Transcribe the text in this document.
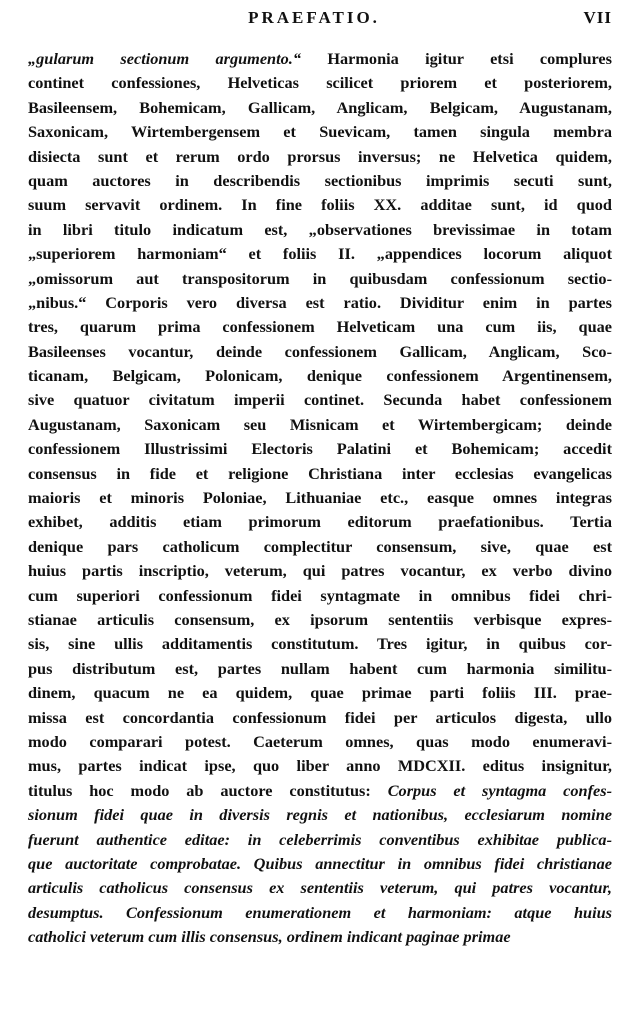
PRAEFATIO.	VII
„gularum sectionum argumento.“ Harmonia igitur etsi complures
continet confessiones, Helveticas scilicet priorem et posteriorem,
Basileensem, Bohemicam, Gallicam, Anglicam, Belgicam, Augustanam,
Saxonicam, Wirtembergensem et Suevicam, tamen singula membra
disiecta sunt et rerum ordo prorsus inversus; ne Helvetica quidem,
quam auctores in describendis sectionibus imprimis secuti sunt,
suum servavit ordinem. In fine foliis XX. additae sunt, id quod
in libri titulo indicatum est, „observationes brevissimae in totam
„superiorem harmoniam“ et foliis II. „appendices locorum aliquot
„omissorum aut transpositorum in quibusdam confessionum sectio-
„nibus.“ Corporis vero diversa est ratio. Dividitur enim in partes
tres, quarum prima confessionem Helveticam una cum iis, quae
Basileenses vocantur, deinde confessionem Gallicam, Anglicam, Sco-
ticanam, Belgicam, Polonicam, denique confessionem Argentinensem,
sive quatuor civitatum imperii continet. Secunda habet confessionem
Augustanam, Saxonicam seu Misnicam et Wirtembergicam; deinde
confessionem Illustrissimi Electoris Palatini et Bohemicam; accedit
consensus in fide et religione Christiana inter ecclesias evangelicas
maioris et minoris Poloniae, Lithuaniae etc., easque omnes integras
exhibet, additis etiam primorum editorum praefationibus. Tertia
denique pars catholicum complectitur consensum, sive, quae est
huius partis inscriptio, veterum, qui patres vocantur, ex verbo divino
cum superiori confessionum fidei syntagmate in omnibus fidei chri-
stianae articulis consensum, ex ipsorum sententiis verbisque expres-
sis, sine ullis additamentis constitutum. Tres igitur, in quibus cor-
pus distributum est, partes nullam habent cum harmonia similitu-
dinem, quacum ne ea quidem, quae primae parti foliis III. prae-
missa est concordantia confessionum fidei per articulos digesta, ullo
modo comparari potest. Caeterum omnes, quas modo enumeravi-
mus, partes indicat ipse, quo liber anno MDCXII. editus insignitur,
titulus hoc modo ab auctore constitutus: Corpus et syntagma confes-
sionum fidei quae in diversis regnis et nationibus, ecclesiarum nomine
fuerunt authentice editae: in celeberrimis conventibus exhibitae publica-
que auctoritate comprobatae. Quibus annectitur in omnibus fidei christianae
articulis catholicus consensus ex sententiis veterum, qui patres vocantur,
desumptus. Confessionum enumerationem et harmoniam: atque huius
catholici veterum cum illis consensus, ordinem indicant paginae primae
